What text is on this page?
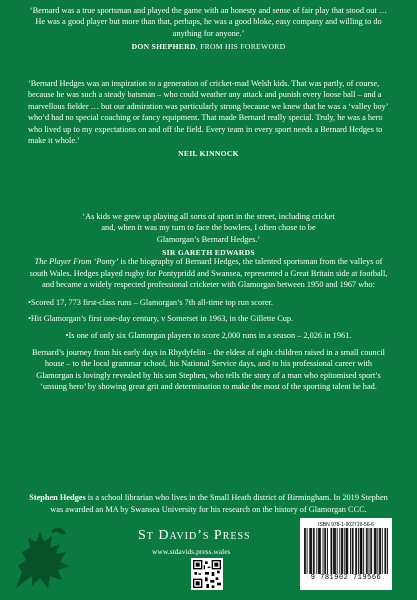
‘Bernard was a true sportsman and played the game with an honesty and sense of fair play that stood out … He was a good player but more than that, perhaps, he was a good bloke, easy company and willing to do anything for anyone.’

DON SHEPHERD, FROM HIS FOREWORD

‘Bernard Hedges was an inspiration to a generation of cricket-mad Welsh kids. That was partly, of course, because he was such a steady batsman – who could weather any attack and punish every loose ball – and a marvellous fielder … but our admiration was particularly strong because we knew that he was a ‘valley boy’ who’d had no special coaching or fancy equipment. That made Bernard really special. Truly, he was a hero who lived up to my expectations on and off the field. Every team in every sport needs a Bernard Hedges to make it whole.’

NEIL KINNOCK

‘As kids we grew up playing all sorts of sport in the street, including cricket and, when it was my turn to face the bowlers, I often chose to be Glamorgan’s Bernard Hedges.’

SIR GARETH EDWARDS

The Player From ‘Ponty’ is the biography of Bernard Hedges, the talented sportsman from the valleys of south Wales. Hedges played rugby for Pontypridd and Swansea, represented a Great Britain side at football, and became a widely respected professional cricketer with Glamorgan between 1950 and 1967 who:

•Scored 17, 773 first-class runs – Glamorgan’s 7th all-time top run scorer.
•Hit Glamorgan’s first one-day century, v Somerset in 1963, in the Gillette Cup.
•Is one of only six Glamorgan players to score 2,000 runs in a season – 2,026 in 1961.

Bernard’s journey from his early days in Rhydyfelin – the eldest of eight children raised in a small council house – to the local grammar school, his National Service days, and to his professional career with Glamorgan is lovingly revealed by his son Stephen, who tells the story of a man who epitomised sport’s ‘unsung hero’ by showing great grit and determination to make the most of the sporting talent he had.

Stephen Hedges is a school librarian who lives in the Small Heath district of Birmingham. In 2019 Stephen was awarded an MA by Swansea University for his research on the history of Glamorgan CCC.
St David’s Press
www.stdavids.press.wales
ISBN 978-1-902719-56-6
9 781902 719566
